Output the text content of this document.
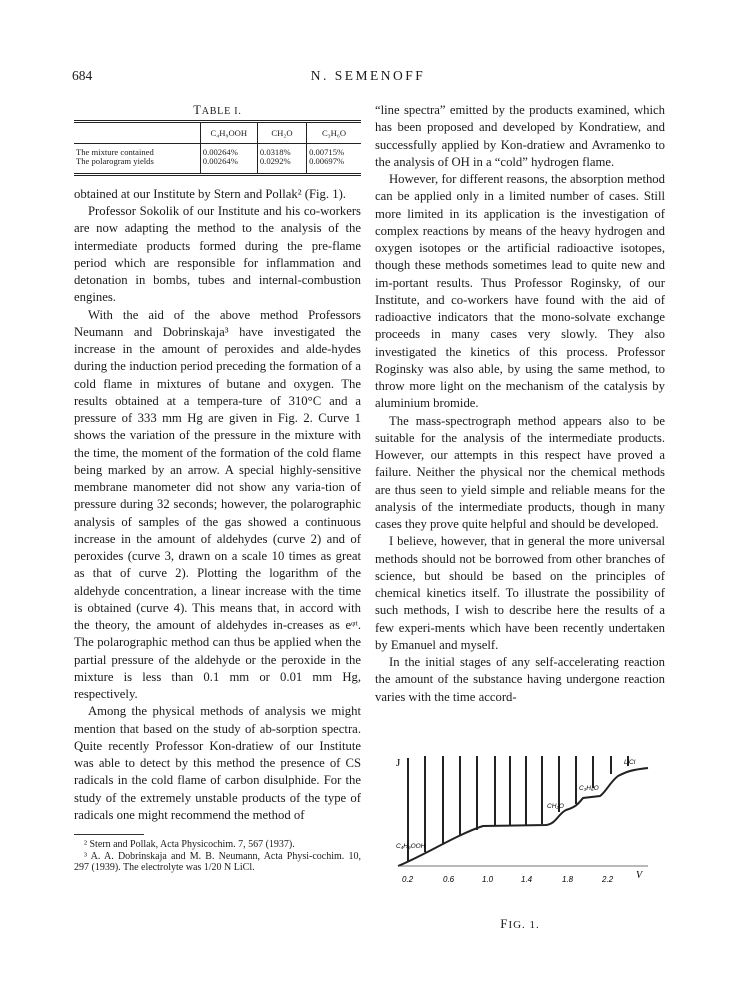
684	N. SEMENOFF

TABLE I.

	C₄H₉OOH	CH₂O	C₃H₆O
The mixture contained	0.00264%	0.0318%	0.00715%
The polarogram yields	0.00264%	0.0292%	0.00697%

obtained at our Institute by Stern and Pollak² (Fig. 1).

Professor Sokolik of our Institute and his co-workers are now adapting the method to the analysis of the intermediate products formed during the pre-flame period which are responsible for inflammation and detonation in bombs, tubes and internal-combustion engines.

With the aid of the above method Professors Neumann and Dobrinskaja³ have investigated the increase in the amount of peroxides and alde-hydes during the induction period preceding the formation of a cold flame in mixtures of butane and oxygen. The results obtained at a tempera-ture of 310°C and a pressure of 333 mm Hg are given in Fig. 2. Curve 1 shows the variation of the pressure in the mixture with the time, the moment of the formation of the cold flame being marked by an arrow. A special highly-sensitive membrane manometer did not show any varia-tion of pressure during 32 seconds; however, the polarographic analysis of samples of the gas showed a continuous increase in the amount of aldehydes (curve 2) and of peroxides (curve 3, drawn on a scale 10 times as great as that of curve 2). Plotting the logarithm of the aldehyde concentration, a linear increase with the time is obtained (curve 4). This means that, in accord with the theory, the amount of aldehydes in-creases as eᵠᵗ. The polarographic method can thus be applied when the partial pressure of the aldehyde or the peroxide in the mixture is less than 0.1 mm or 0.01 mm Hg, respectively.

Among the physical methods of analysis we might mention that based on the study of ab-sorption spectra. Quite recently Professor Kon-dratiew of our Institute was able to detect by this method the presence of CS radicals in the cold flame of carbon disulphide. For the study of the extremely unstable products of the type of radicals one might recommend the method of

² Stern and Pollak, Acta Physicochim. 7, 567 (1937).

³ A. A. Dobrinskaja and M. B. Neumann, Acta Physi-cochim. 10, 297 (1939). The electrolyte was 1/20 N LiCl.

“line spectra” emitted by the products examined, which has been proposed and developed by Kondratiew, and successfully applied by Kon-dratiew and Avramenko to the analysis of OH in a “cold” hydrogen flame.

However, for different reasons, the absorption method can be applied only in a limited number of cases. Still more limited in its application is the investigation of complex reactions by means of the heavy hydrogen and oxygen isotopes or the artificial radioactive isotopes, though these methods sometimes lead to quite new and im-portant results. Thus Professor Roginsky, of our Institute, and co-workers have found with the aid of radioactive indicators that the mono-solvate exchange proceeds in many cases very slowly. They also investigated the kinetics of this process. Professor Roginsky was also able, by using the same method, to throw more light on the mechanism of the catalysis by aluminium bromide.

The mass-spectrograph method appears also to be suitable for the analysis of the intermediate products. However, our attempts in this respect have proved a failure. Neither the physical nor the chemical methods are thus seen to yield simple and reliable means for the analysis of the intermediate products, though in many cases they prove quite helpful and should be developed.

I believe, however, that in general the more universal methods should not be borrowed from other branches of science, but should be based on the principles of chemical kinetics itself. To illustrate the possibility of such methods, I wish to describe here the results of a few experi-ments which have been recently undertaken by Emanuel and myself.

In the initial stages of any self-accelerating reaction the amount of the substance having undergone reaction varies with the time accord-

J
C₄H₉OOH
CH₂O
C₃H₆O
LiCl
0.2	0.6	1.0	1.4	1.8	2.2 V
FIG. 1.
